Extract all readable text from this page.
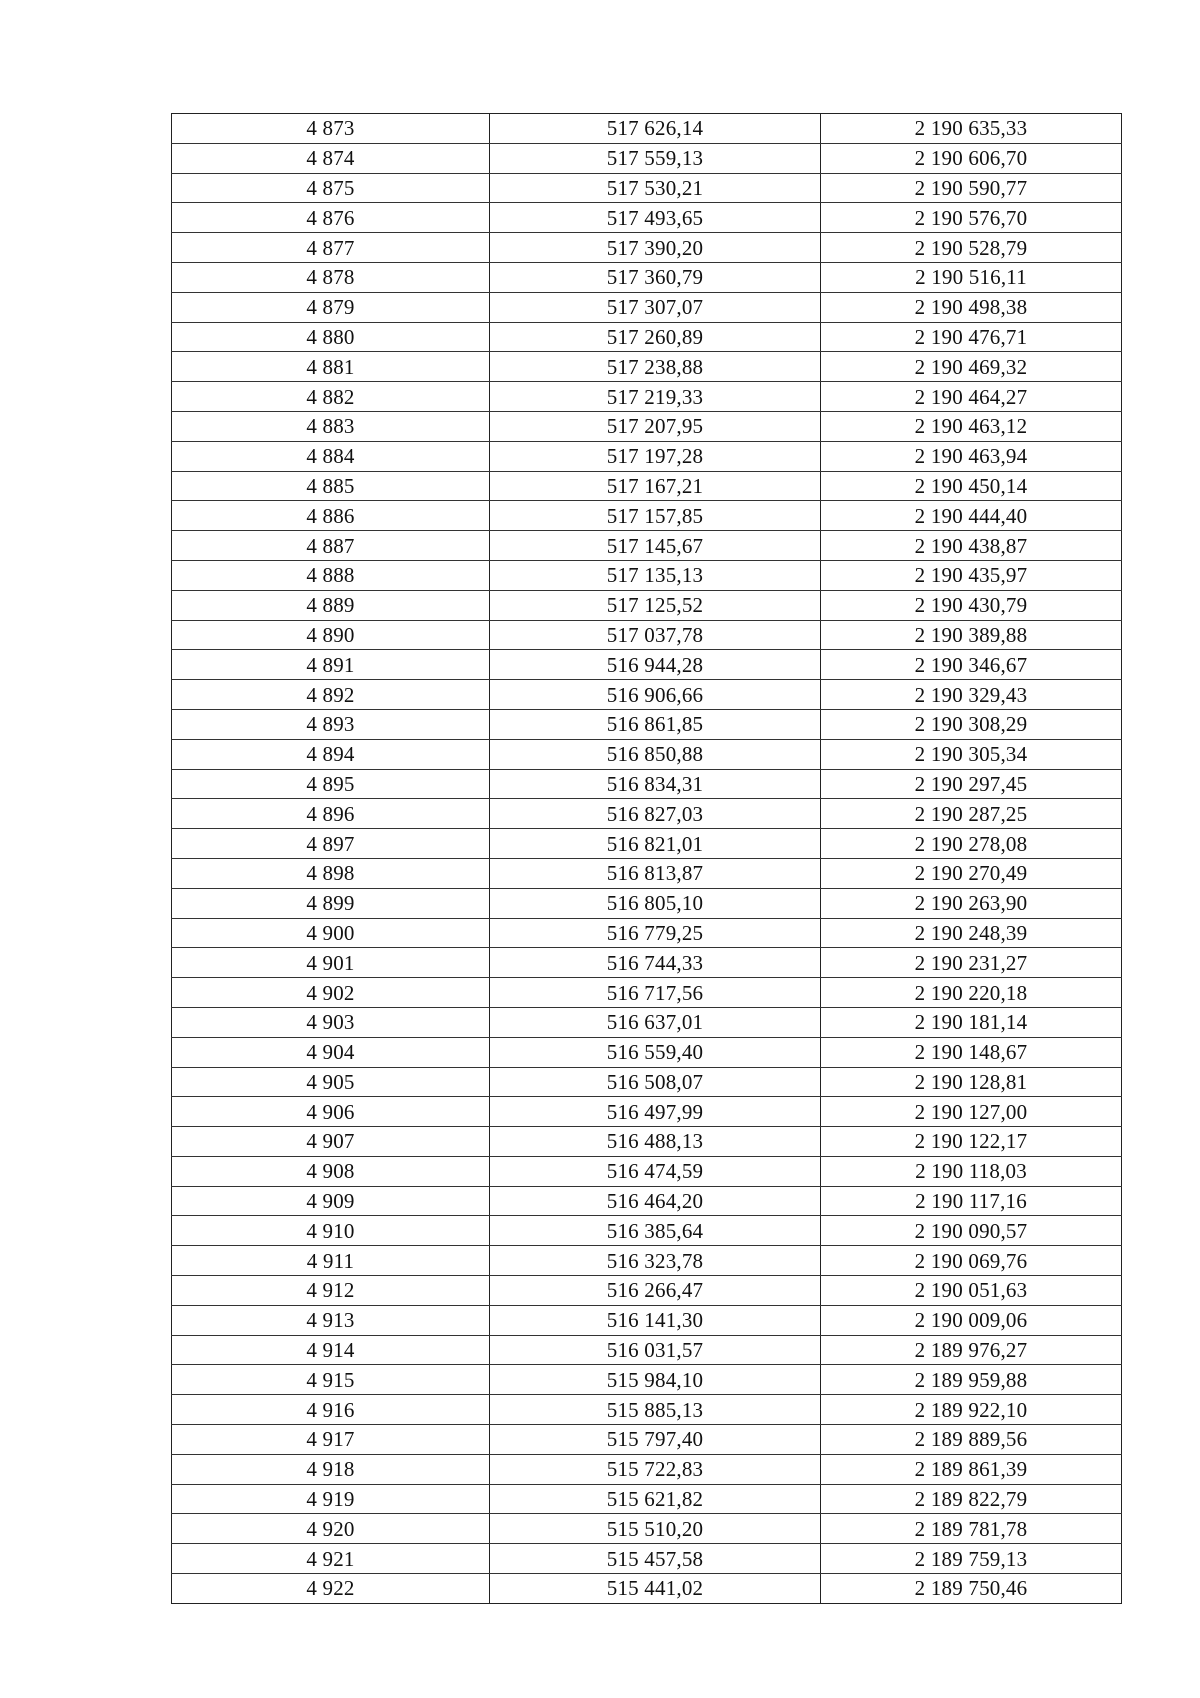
4 873	517 626,14	2 190 635,33
4 874	517 559,13	2 190 606,70
4 875	517 530,21	2 190 590,77
4 876	517 493,65	2 190 576,70
4 877	517 390,20	2 190 528,79
4 878	517 360,79	2 190 516,11
4 879	517 307,07	2 190 498,38
4 880	517 260,89	2 190 476,71
4 881	517 238,88	2 190 469,32
4 882	517 219,33	2 190 464,27
4 883	517 207,95	2 190 463,12
4 884	517 197,28	2 190 463,94
4 885	517 167,21	2 190 450,14
4 886	517 157,85	2 190 444,40
4 887	517 145,67	2 190 438,87
4 888	517 135,13	2 190 435,97
4 889	517 125,52	2 190 430,79
4 890	517 037,78	2 190 389,88
4 891	516 944,28	2 190 346,67
4 892	516 906,66	2 190 329,43
4 893	516 861,85	2 190 308,29
4 894	516 850,88	2 190 305,34
4 895	516 834,31	2 190 297,45
4 896	516 827,03	2 190 287,25
4 897	516 821,01	2 190 278,08
4 898	516 813,87	2 190 270,49
4 899	516 805,10	2 190 263,90
4 900	516 779,25	2 190 248,39
4 901	516 744,33	2 190 231,27
4 902	516 717,56	2 190 220,18
4 903	516 637,01	2 190 181,14
4 904	516 559,40	2 190 148,67
4 905	516 508,07	2 190 128,81
4 906	516 497,99	2 190 127,00
4 907	516 488,13	2 190 122,17
4 908	516 474,59	2 190 118,03
4 909	516 464,20	2 190 117,16
4 910	516 385,64	2 190 090,57
4 911	516 323,78	2 190 069,76
4 912	516 266,47	2 190 051,63
4 913	516 141,30	2 190 009,06
4 914	516 031,57	2 189 976,27
4 915	515 984,10	2 189 959,88
4 916	515 885,13	2 189 922,10
4 917	515 797,40	2 189 889,56
4 918	515 722,83	2 189 861,39
4 919	515 621,82	2 189 822,79
4 920	515 510,20	2 189 781,78
4 921	515 457,58	2 189 759,13
4 922	515 441,02	2 189 750,46
